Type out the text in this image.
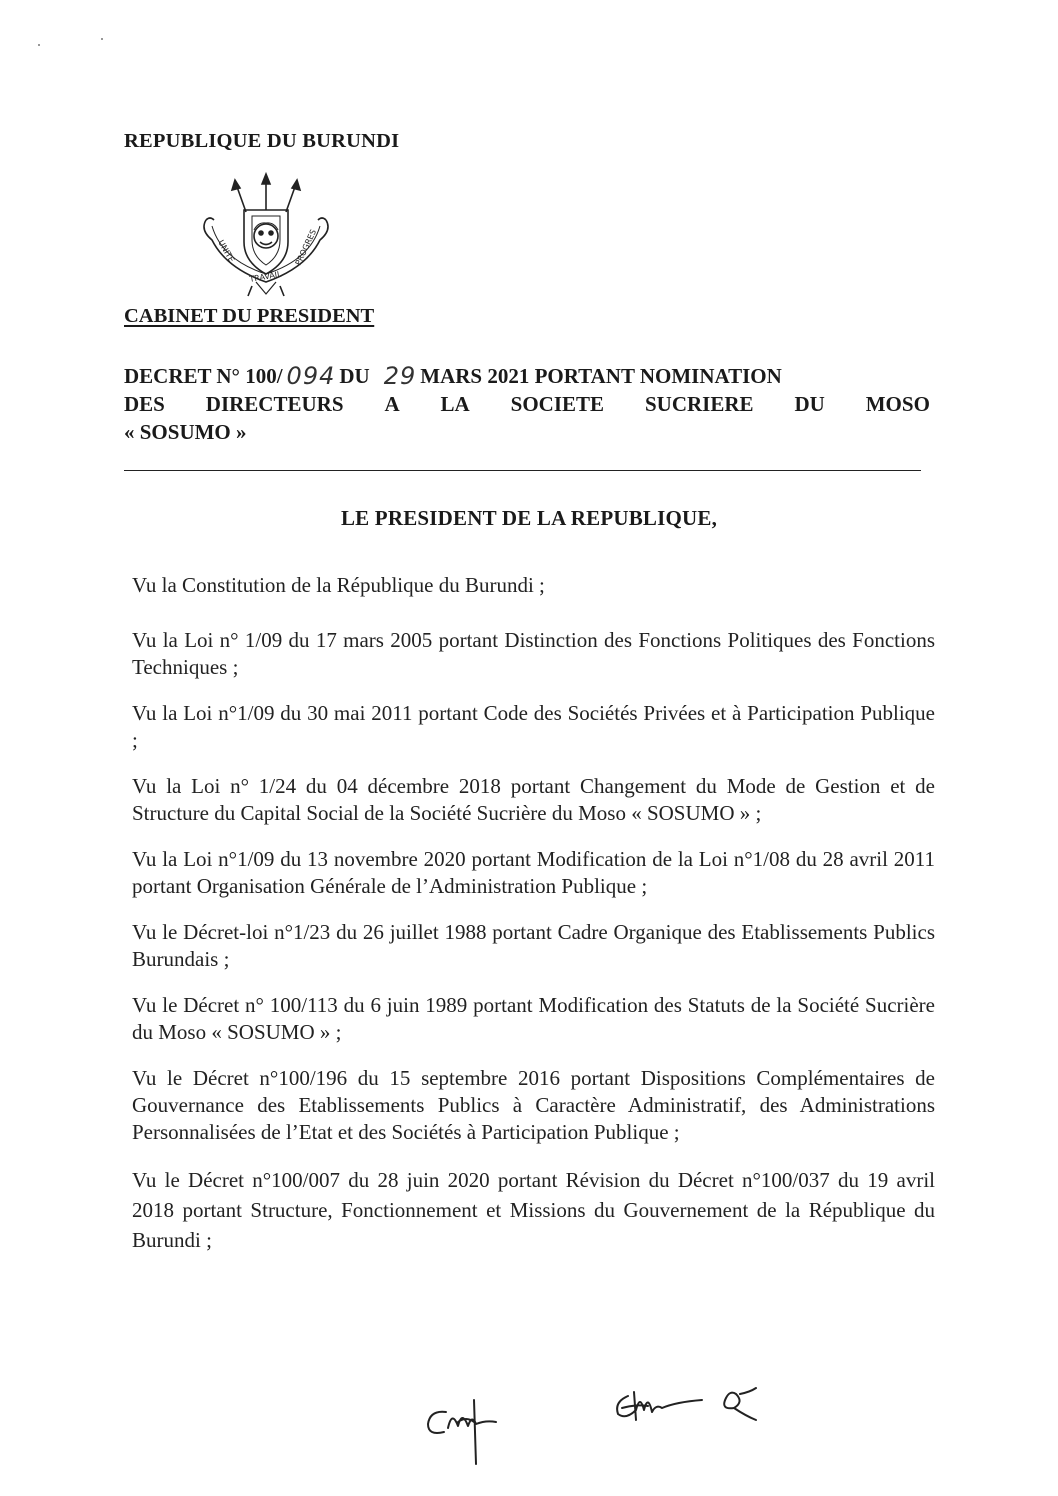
REPUBLIQUE DU BURUNDI
UNITE
TRAVAIL
PROGRES
CABINET DU PRESIDENT
DECRET N° 100/ 094 DU 29 MARS 2021 PORTANT NOMINATION
DES DIRECTEURS A LA SOCIETE SUCRIERE DU MOSO
« SOSUMO »
LE PRESIDENT DE LA REPUBLIQUE,

Vu la Constitution de la République du Burundi ;

Vu la Loi n° 1/09 du 17 mars 2005 portant Distinction des Fonctions Politiques des Fonctions Techniques ;

Vu la Loi n°1/09 du 30 mai 2011 portant Code des Sociétés Privées et à Participation Publique ;

Vu la Loi n° 1/24 du 04 décembre 2018 portant Changement du Mode de Gestion et de Structure du Capital Social de la Société Sucrière du Moso « SOSUMO » ;

Vu la Loi n°1/09 du 13 novembre 2020 portant Modification de la Loi n°1/08 du 28 avril 2011 portant Organisation Générale de l’Administration Publique ;

Vu le Décret-loi n°1/23 du 26 juillet 1988 portant Cadre Organique des Etablissements Publics Burundais ;

Vu le Décret n° 100/113 du 6 juin 1989 portant Modification des Statuts de la Société Sucrière du Moso « SOSUMO » ;

Vu le Décret n°100/196 du 15 septembre 2016 portant Dispositions Complémentaires de Gouvernance des Etablissements Publics à Caractère Administratif, des Administrations Personnalisées de l’Etat et des Sociétés à Participation Publique ;

Vu le Décret n°100/007 du 28 juin 2020 portant Révision du Décret n°100/037 du 19 avril 2018 portant Structure, Fonctionnement et Missions du Gouvernement de la République du Burundi ;
